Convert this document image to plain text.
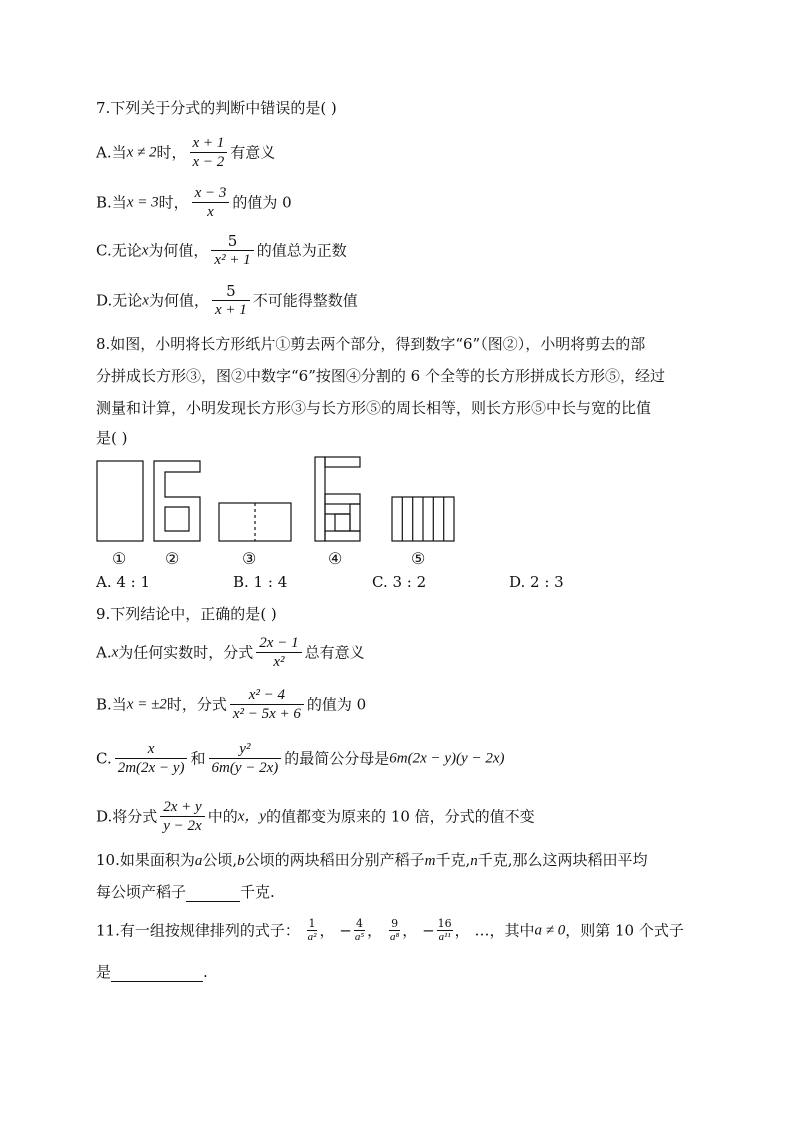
7.下列关于分式的判断中错误的是( )
A.当x ≠ 2时， $\frac{x + 1}{x - 2}$ 有意义
B.当x = 3时， $\frac{x - 3}{x}$ 的值为 0
C.无论x为何值， $\frac{5}{\text{x² + 1}}$ 的值总为正数
D.无论x为何值， $\frac{5}{x + 1}$ 不可能得整数值
8.如图，小明将长方形纸片①剪去两个部分，得到数字“6”（图②），小明将剪去的部
分拼成长方形③，图②中数字“6”按图④分割的 6 个全等的长方形拼成长方形⑤，经过
测量和计算，小明发现长方形③与长方形⑤的周长相等，则长方形⑤中长与宽的比值
是( )
① ②	③	④	⑤
A. 4 : 1	B. 1 : 4	C. 3 : 2	D. 2 : 3
9.下列结论中，正确的是( )
A.x为任何实数时，分式 $\frac{2x - 1}{\text{x²}}$ 总有意义
B.当x = ±2时，分式 $\frac{\text{x² − 4}}{\text{x² − 5x + 6}}$ 的值为 0
C. $\frac{x}{2m(2x - y)}$ 和 $\frac{\text{y²}}{6m(y - 2x)}$ 的最简公分母是6m(2x − y)(y − 2x)
D.将分式 $\frac{2x + y}{y - 2x}$ 中的x，y的值都变为原来的 10 倍，分式的值不变
10.如果面积为a公顷,b公顷的两块稻田分别产稻子m千克,n千克,那么这两块稻田平均
每公顷产稻子	千克.
11.有一组按规律排列的式子： $\frac{1}{\text{a²}}$ ， − $\frac{4}{\text{a⁵}}$ ， $\frac{9}{\text{a⁸}}$ ， − $\frac{16}{\text{a¹¹}}$ ， …，其中a ≠ 0，则第 10 个式子
是	.
